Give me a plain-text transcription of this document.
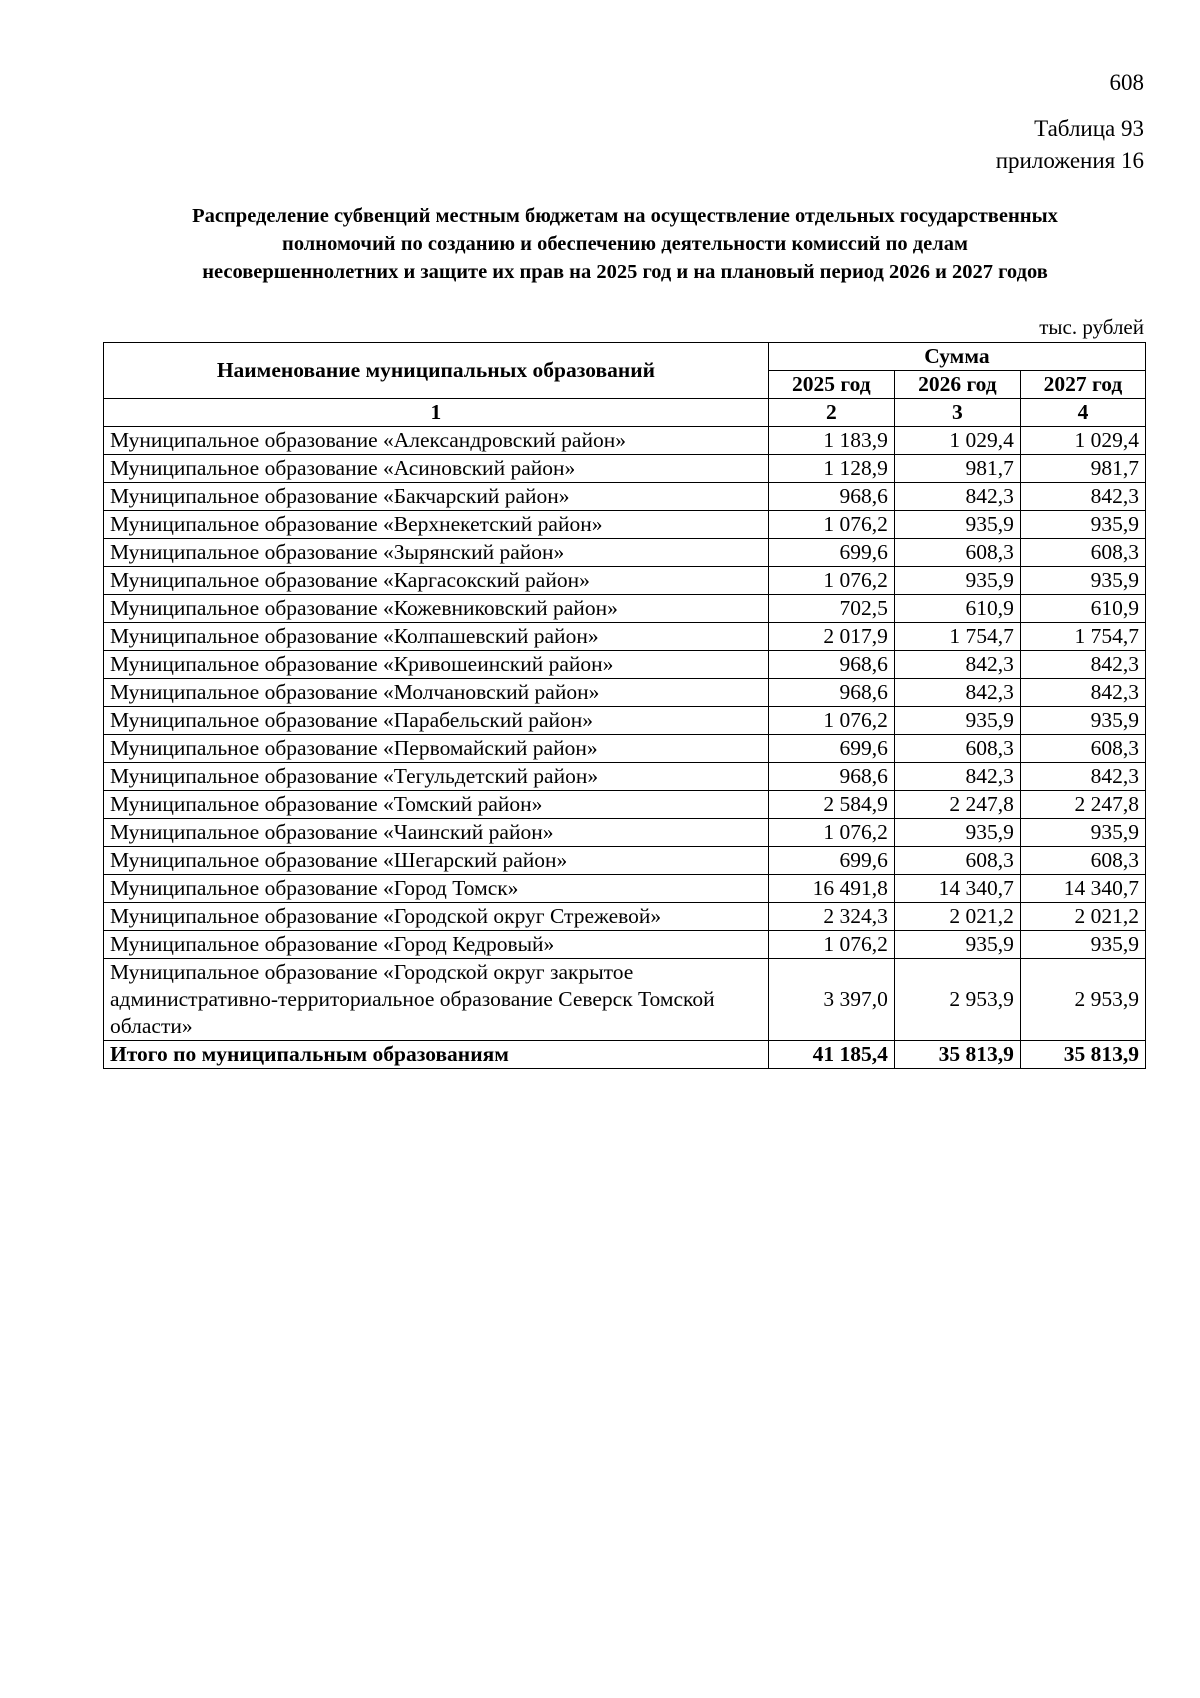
608
Таблица 93
приложения 16
Распределение субвенций местным бюджетам на осуществление отдельных государственных
полномочий по созданию и обеспечению деятельности комиссий по делам
несовершеннолетних и защите их прав на 2025 год и на плановый период 2026 и 2027 годов
тыс. рублей
Наименование муниципальных образований	Сумма		
	2025 год	2026 год	2027 год
1	2	3	4
Муниципальное образование «Александровский район»	1 183,9	1 029,4	1 029,4
Муниципальное образование «Асиновский район»	1 128,9	981,7	981,7
Муниципальное образование «Бакчарский район»	968,6	842,3	842,3
Муниципальное образование «Верхнекетский район»	1 076,2	935,9	935,9
Муниципальное образование «Зырянский район»	699,6	608,3	608,3
Муниципальное образование «Каргасокский район»	1 076,2	935,9	935,9
Муниципальное образование «Кожевниковский район»	702,5	610,9	610,9
Муниципальное образование «Колпашевский район»	2 017,9	1 754,7	1 754,7
Муниципальное образование «Кривошеинский район»	968,6	842,3	842,3
Муниципальное образование «Молчановский район»	968,6	842,3	842,3
Муниципальное образование «Парабельский район»	1 076,2	935,9	935,9
Муниципальное образование «Первомайский район»	699,6	608,3	608,3
Муниципальное образование «Тегульдетский район»	968,6	842,3	842,3
Муниципальное образование «Томский район»	2 584,9	2 247,8	2 247,8
Муниципальное образование «Чаинский район»	1 076,2	935,9	935,9
Муниципальное образование «Шегарский район»	699,6	608,3	608,3
Муниципальное образование «Город Томск»	16 491,8	14 340,7	14 340,7
Муниципальное образование «Городской округ Стрежевой»	2 324,3	2 021,2	2 021,2
Муниципальное образование «Город Кедровый»	1 076,2	935,9	935,9
Муниципальное образование «Городской округ закрытое административно-территориальное образование Северск Томской области»	3 397,0	2 953,9	2 953,9
Итого по муниципальным образованиям	41 185,4	35 813,9	35 813,9
